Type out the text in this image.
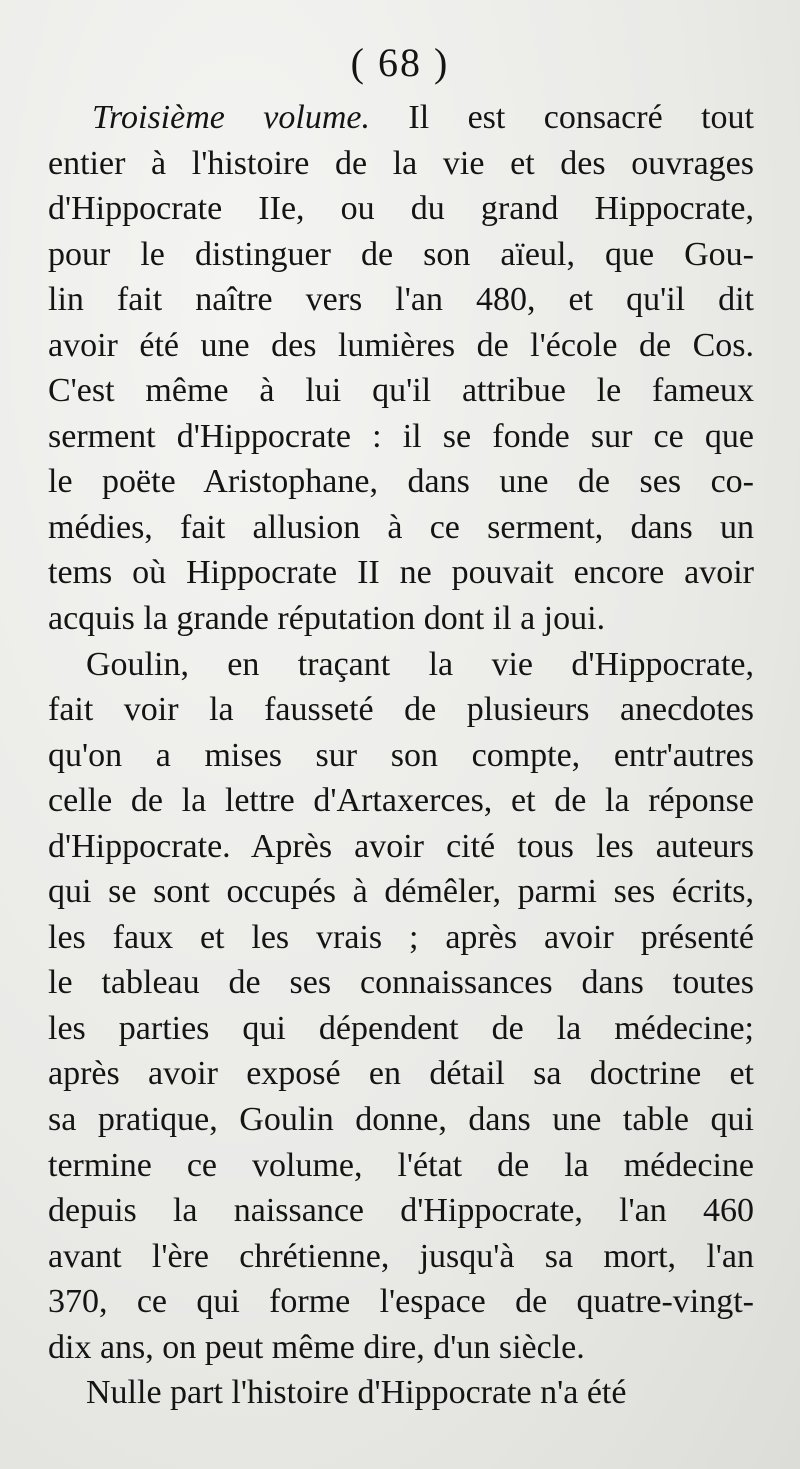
( 68 )
Troisième volume. Il est consacré tout
entier à l'histoire de la vie et des ouvrages
d'Hippocrate IIe, ou du grand Hippocrate,
pour le distinguer de son aïeul, que Gou-
lin fait naître vers l'an 480, et qu'il dit
avoir été une des lumières de l'école de Cos.
C'est même à lui qu'il attribue le fameux
serment d'Hippocrate : il se fonde sur ce que
le poëte Aristophane, dans une de ses co-
médies, fait allusion à ce serment, dans un
tems où Hippocrate II ne pouvait encore avoir
acquis la grande réputation dont il a joui.
Goulin, en traçant la vie d'Hippocrate,
fait voir la fausseté de plusieurs anecdotes
qu'on a mises sur son compte, entr'autres
celle de la lettre d'Artaxerces, et de la réponse
d'Hippocrate. Après avoir cité tous les auteurs
qui se sont occupés à démêler, parmi ses écrits,
les faux et les vrais ; après avoir présenté
le tableau de ses connaissances dans toutes
les parties qui dépendent de la médecine;
après avoir exposé en détail sa doctrine et
sa pratique, Goulin donne, dans une table qui
termine ce volume, l'état de la médecine
depuis la naissance d'Hippocrate, l'an 460
avant l'ère chrétienne, jusqu'à sa mort, l'an
370, ce qui forme l'espace de quatre-vingt-
dix ans, on peut même dire, d'un siècle.
Nulle part l'histoire d'Hippocrate n'a été
